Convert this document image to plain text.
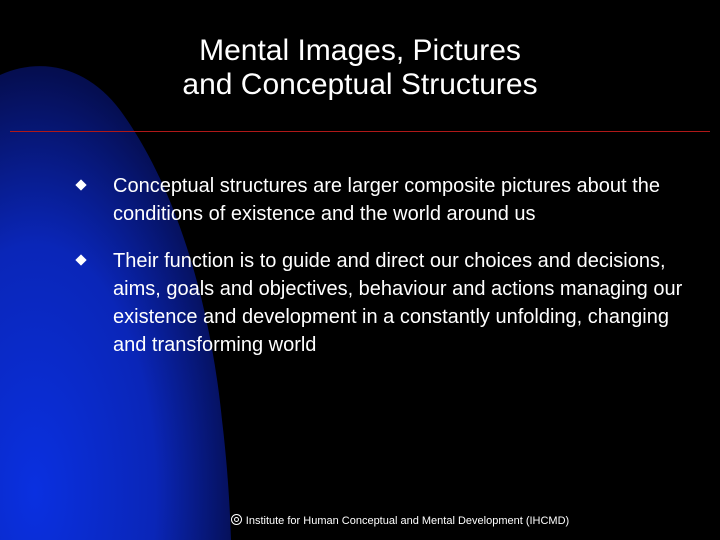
Mental Images, Pictures
and Conceptual Structures
Conceptual structures are larger composite pictures about the conditions of existence and the world around us
Their function is to guide and direct our choices and decisions, aims, goals and objectives, behaviour and actions managing our existence and development in a constantly unfolding, changing and transforming world
Institute for Human Conceptual and Mental Development (IHCMD)
